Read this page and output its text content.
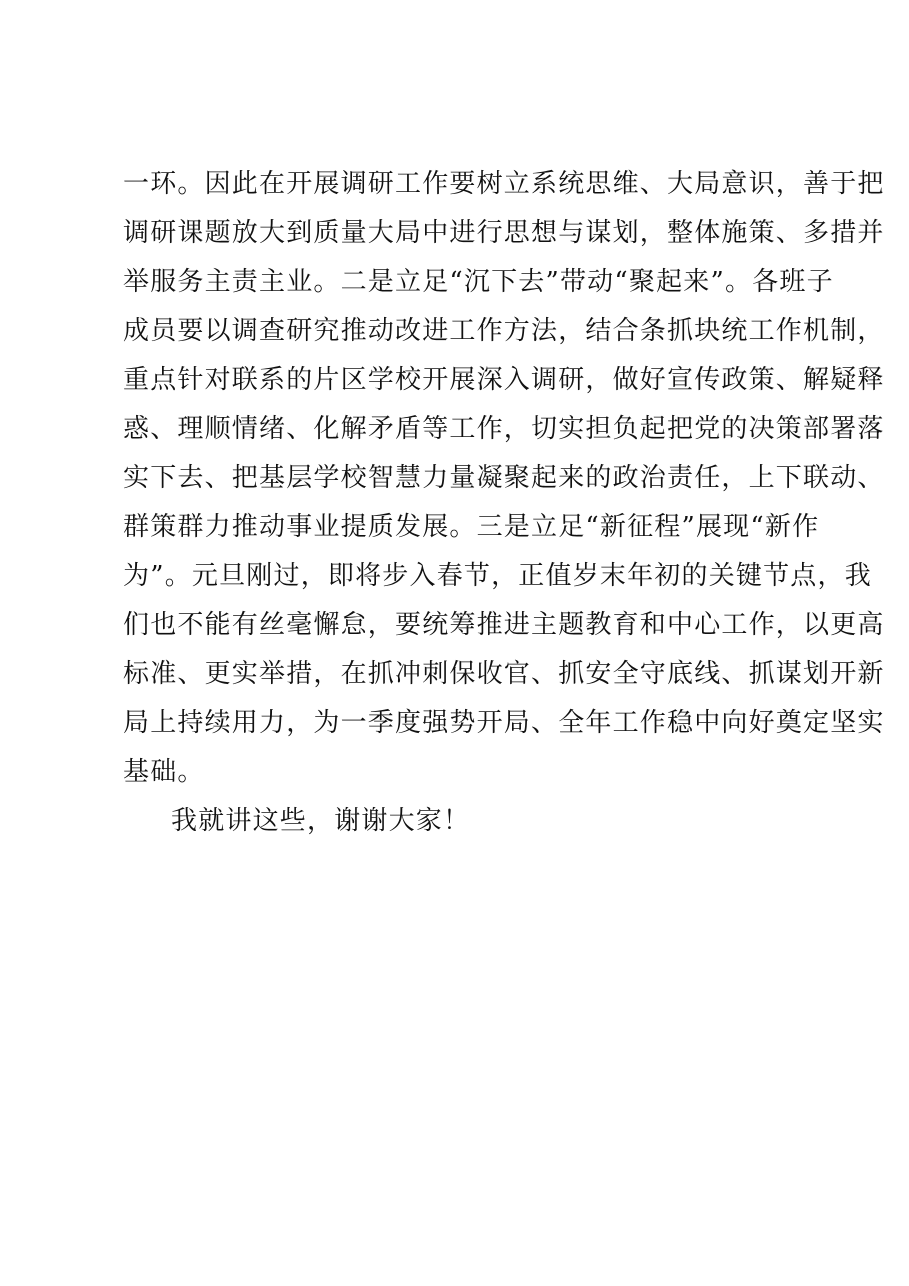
一环。因此在开展调研工作要树立系统思维、大局意识，善于把
调研课题放大到质量大局中进行思想与谋划，整体施策、多措并
举服务主责主业。二是立足“沉下去”带动“聚起来”。各班子
成员要以调查研究推动改进工作方法，结合条抓块统工作机制，
重点针对联系的片区学校开展深入调研，做好宣传政策、解疑释
惑、理顺情绪、化解矛盾等工作，切实担负起把党的决策部署落
实下去、把基层学校智慧力量凝聚起来的政治责任，上下联动、
群策群力推动事业提质发展。三是立足“新征程”展现“新作
为”。元旦刚过，即将步入春节，正值岁末年初的关键节点，我
们也不能有丝毫懈怠，要统筹推进主题教育和中心工作，以更高
标准、更实举措，在抓冲刺保收官、抓安全守底线、抓谋划开新
局上持续用力，为一季度强势开局、全年工作稳中向好奠定坚实
基础。
我就讲这些，谢谢大家！
